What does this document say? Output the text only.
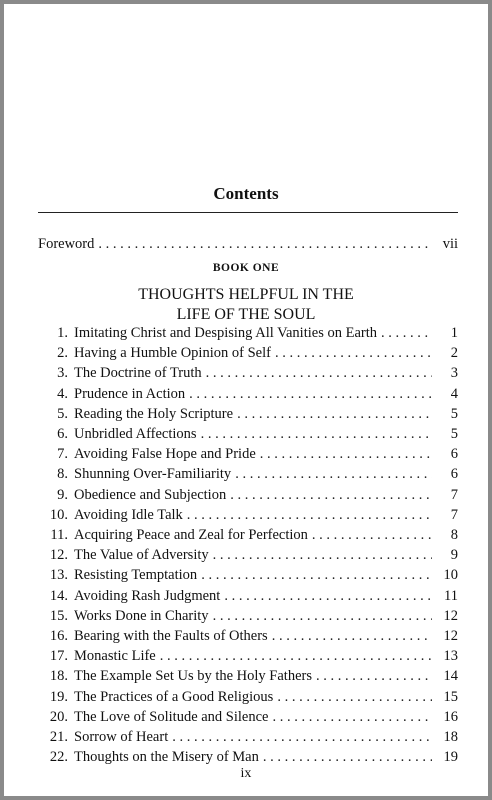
Contents
Foreword . . .	vii
BOOK ONE
THOUGHTS HELPFUL IN THE
LIFE OF THE SOUL
1. Imitating Christ and Despising All Vanities on Earth . . .	1
2. Having a Humble Opinion of Self . . .	2
3. The Doctrine of Truth . . .	3
4. Prudence in Action . . .	4
5. Reading the Holy Scripture . . .	5
6. Unbridled Affections . . .	5
7. Avoiding False Hope and Pride . . .	6
8. Shunning Over-Familiarity . . .	6
9. Obedience and Subjection . . .	7
10. Avoiding Idle Talk . . .	7
11. Acquiring Peace and Zeal for Perfection . . .	8
12. The Value of Adversity . . .	9
13. Resisting Temptation . . .	10
14. Avoiding Rash Judgment . . .	11
15. Works Done in Charity . . .	12
16. Bearing with the Faults of Others . . .	12
17. Monastic Life . . .	13
18. The Example Set Us by the Holy Fathers . . .	14
19. The Practices of a Good Religious . . .	15
20. The Love of Solitude and Silence . . .	16
21. Sorrow of Heart . . .	18
22. Thoughts on the Misery of Man . . .	19
ix
